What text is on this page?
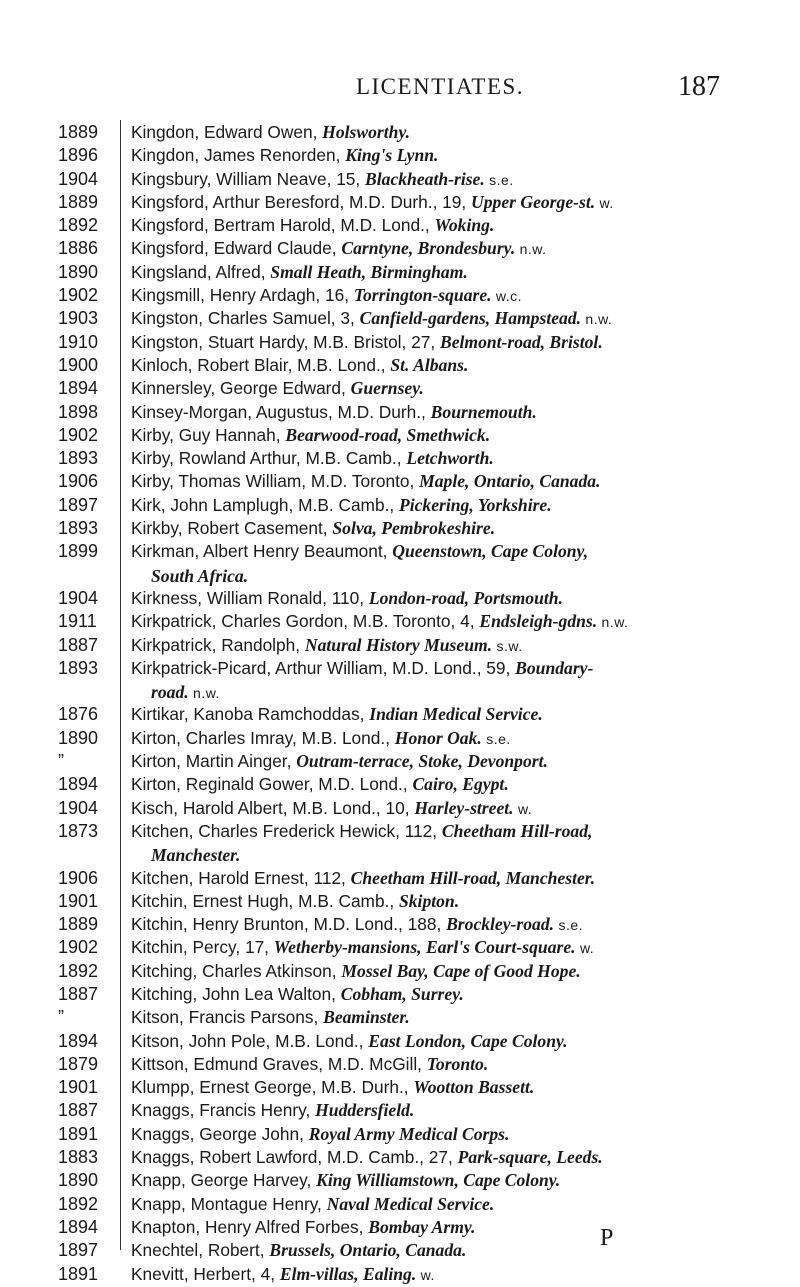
LICENTIATES.	187
1889	Kingdon, Edward Owen, Holsworthy.
1896	Kingdon, James Renorden, King's Lynn.
1904	Kingsbury, William Neave, 15, Blackheath-rise. s.e.
1889	Kingsford, Arthur Beresford, M.D. Durh., 19, Upper George-st. w.
1892	Kingsford, Bertram Harold, M.D. Lond., Woking.
1886	Kingsford, Edward Claude, Carntyne, Brondesbury. n.w.
1890	Kingsland, Alfred, Small Heath, Birmingham.
1902	Kingsmill, Henry Ardagh, 16, Torrington-square. w.c.
1903	Kingston, Charles Samuel, 3, Canfield-gardens, Hampstead. n.w.
1910	Kingston, Stuart Hardy, M.B. Bristol, 27, Belmont-road, Bristol.
1900	Kinloch, Robert Blair, M.B. Lond., St. Albans.
1894	Kinnersley, George Edward, Guernsey.
1898	Kinsey-Morgan, Augustus, M.D. Durh., Bournemouth.
1902	Kirby, Guy Hannah, Bearwood-road, Smethwick.
1893	Kirby, Rowland Arthur, M.B. Camb., Letchworth.
1906	Kirby, Thomas William, M.D. Toronto, Maple, Ontario, Canada.
1897	Kirk, John Lamplugh, M.B. Camb., Pickering, Yorkshire.
1893	Kirkby, Robert Casement, Solva, Pembrokeshire.
1899	Kirkman, Albert Henry Beaumont, Queenstown, Cape Colony,
South Africa.
1904	Kirkness, William Ronald, 110, London-road, Portsmouth.
1911	Kirkpatrick, Charles Gordon, M.B. Toronto, 4, Endsleigh-gdns. n.w.
1887	Kirkpatrick, Randolph, Natural History Museum. s.w.
1893	Kirkpatrick-Picard, Arthur William, M.D. Lond., 59, Boundary-
road. n.w.
1876	Kirtikar, Kanoba Ramchoddas, Indian Medical Service.
1890	Kirton, Charles Imray, M.B. Lond., Honor Oak. s.e.
”	Kirton, Martin Ainger, Outram-terrace, Stoke, Devonport.
1894	Kirton, Reginald Gower, M.D. Lond., Cairo, Egypt.
1904	Kisch, Harold Albert, M.B. Lond., 10, Harley-street. w.
1873	Kitchen, Charles Frederick Hewick, 112, Cheetham Hill-road,
Manchester.
1906	Kitchen, Harold Ernest, 112, Cheetham Hill-road, Manchester.
1901	Kitchin, Ernest Hugh, M.B. Camb., Skipton.
1889	Kitchin, Henry Brunton, M.D. Lond., 188, Brockley-road. s.e.
1902	Kitchin, Percy, 17, Wetherby-mansions, Earl's Court-square. w.
1892	Kitching, Charles Atkinson, Mossel Bay, Cape of Good Hope.
1887	Kitching, John Lea Walton, Cobham, Surrey.
”	Kitson, Francis Parsons, Beaminster.
1894	Kitson, John Pole, M.B. Lond., East London, Cape Colony.
1879	Kittson, Edmund Graves, M.D. McGill, Toronto.
1901	Klumpp, Ernest George, M.B. Durh., Wootton Bassett.
1887	Knaggs, Francis Henry, Huddersfield.
1891	Knaggs, George John, Royal Army Medical Corps.
1883	Knaggs, Robert Lawford, M.D. Camb., 27, Park-square, Leeds.
1890	Knapp, George Harvey, King Williamstown, Cape Colony.
1892	Knapp, Montague Henry, Naval Medical Service.
1894	Knapton, Henry Alfred Forbes, Bombay Army.
1897	Knechtel, Robert, Brussels, Ontario, Canada.
1891	Knevitt, Herbert, 4, Elm-villas, Ealing. w.
P
